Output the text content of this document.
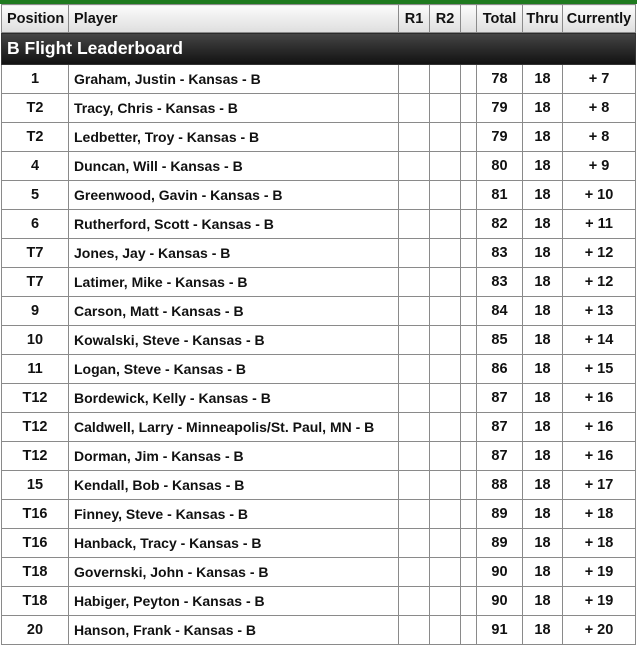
Position	Player	R1	R2		Total	Thru	Currently
B Flight Leaderboard							
1	Graham, Justin - Kansas - B				78	18	+ 7
T2	Tracy, Chris - Kansas - B				79	18	+ 8
T2	Ledbetter, Troy - Kansas - B				79	18	+ 8
4	Duncan, Will - Kansas - B				80	18	+ 9
5	Greenwood, Gavin - Kansas - B				81	18	+ 10
6	Rutherford, Scott - Kansas - B				82	18	+ 11
T7	Jones, Jay - Kansas - B				83	18	+ 12
T7	Latimer, Mike - Kansas - B				83	18	+ 12
9	Carson, Matt - Kansas - B				84	18	+ 13
10	Kowalski, Steve - Kansas - B				85	18	+ 14
11	Logan, Steve - Kansas - B				86	18	+ 15
T12	Bordewick, Kelly - Kansas - B				87	18	+ 16
T12	Caldwell, Larry - Minneapolis/St. Paul, MN - B				87	18	+ 16
T12	Dorman, Jim - Kansas - B				87	18	+ 16
15	Kendall, Bob - Kansas - B				88	18	+ 17
T16	Finney, Steve - Kansas - B				89	18	+ 18
T16	Hanback, Tracy - Kansas - B				89	18	+ 18
T18	Governski, John - Kansas - B				90	18	+ 19
T18	Habiger, Peyton - Kansas - B				90	18	+ 19
20	Hanson, Frank - Kansas - B				91	18	+ 20
